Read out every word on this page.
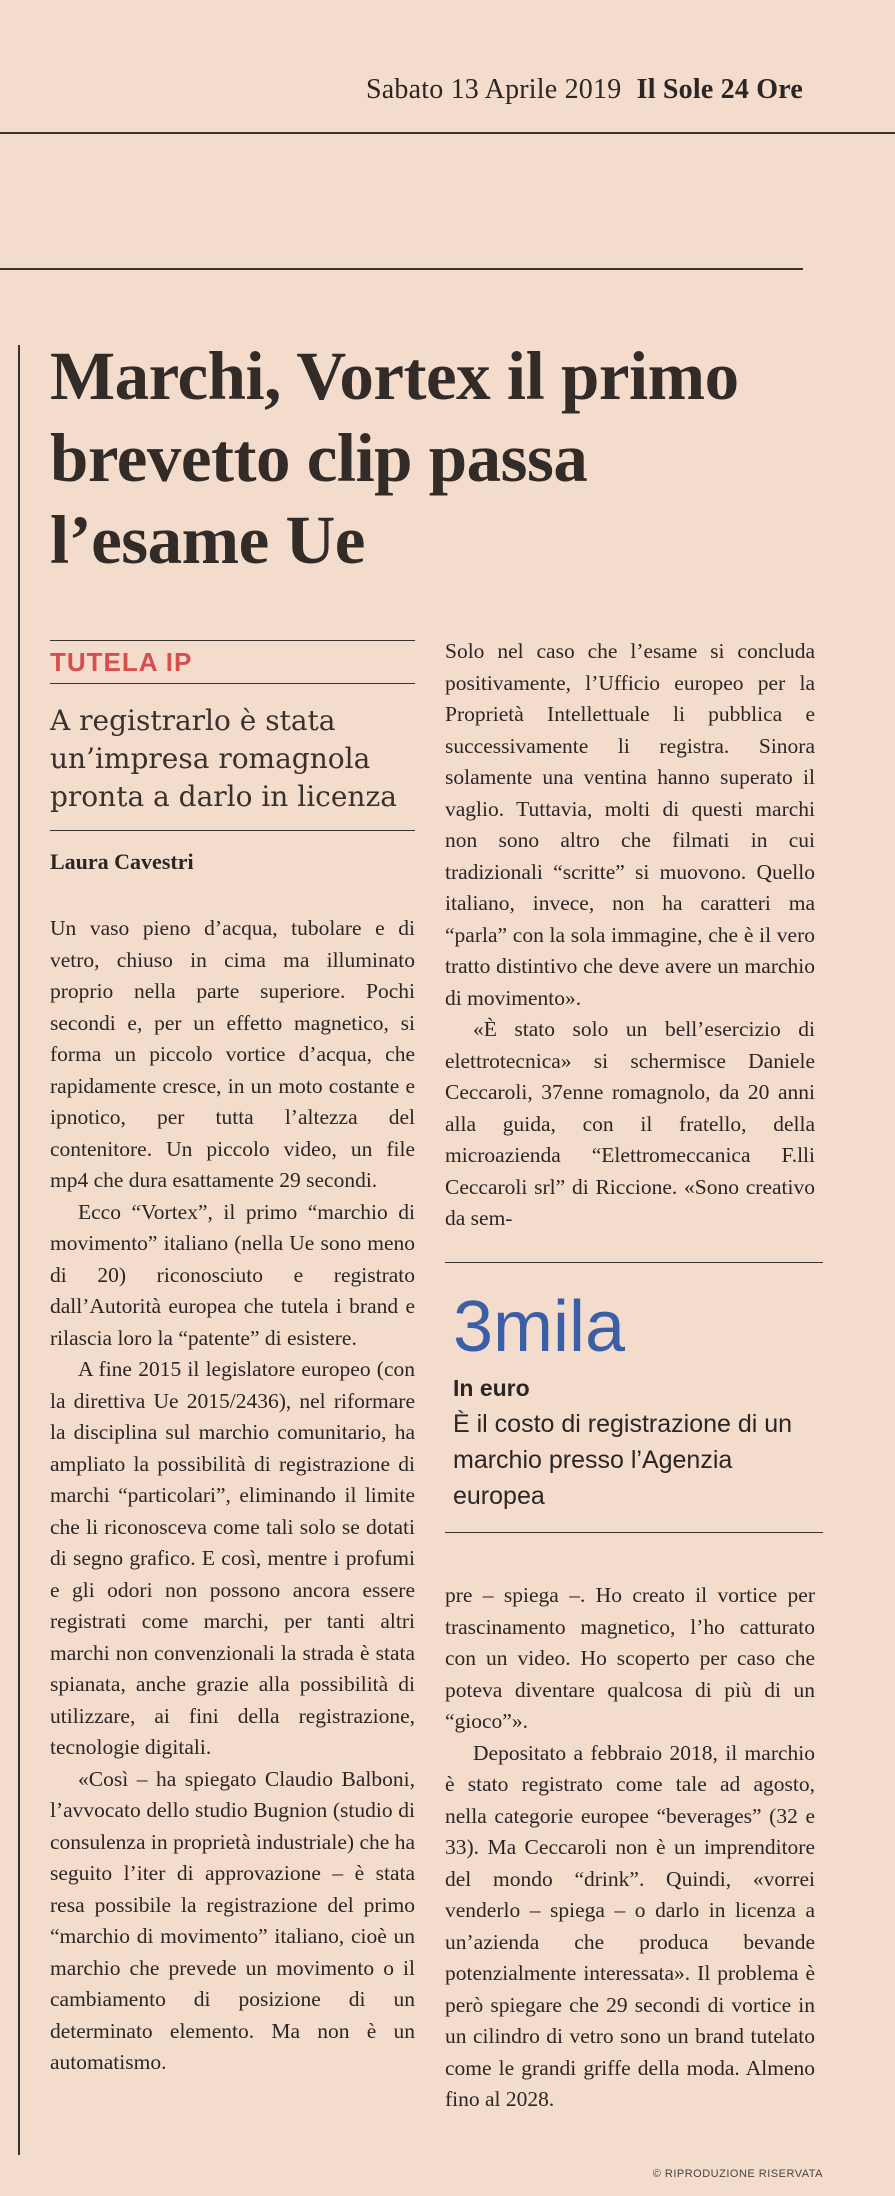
Sabato 13 Aprile 2019 Il Sole 24 Ore
Marchi, Vortex il primo brevetto clip passa l’esame Ue
TUTELA IP
A registrarlo è stata un’impresa romagnola pronta a darlo in licenza
Laura Cavestri

Un vaso pieno d’acqua, tubolare e di vetro, chiuso in cima ma illuminato proprio nella parte superiore. Pochi secondi e, per un effetto magnetico, si forma un piccolo vortice d’acqua, che rapidamente cresce, in un moto costante e ipnotico, per tutta l’altezza del contenitore. Un piccolo video, un file mp4 che dura esattamente 29 secondi.

Ecco “Vortex”, il primo “marchio di movimento” italiano (nella Ue sono meno di 20) riconosciuto e registrato dall’Autorità europea che tutela i brand e rilascia loro la “patente” di esistere.

A fine 2015 il legislatore europeo (con la direttiva Ue 2015/2436), nel riformare la disciplina sul marchio comunitario, ha ampliato la possibilità di registrazione di marchi “particolari”, eliminando il limite che li riconosceva come tali solo se dotati di segno grafico. E così, mentre i profumi e gli odori non possono ancora essere registrati come marchi, per tanti altri marchi non convenzionali la strada è stata spianata, anche grazie alla possibilità di utilizzare, ai fini della registrazione, tecnologie digitali.

«Così – ha spiegato Claudio Balboni, l’avvocato dello studio Bugnion (studio di consulenza in proprietà industriale) che ha seguito l’iter di approvazione – è stata resa possibile la registrazione del primo “marchio di movimento” italiano, cioè un marchio che prevede un movimento o il cambiamento di posizione di un determinato elemento. Ma non è un automatismo.

Solo nel caso che l’esame si concluda positivamente, l’Ufficio europeo per la Proprietà Intellettuale li pubblica e successivamente li registra. Sinora solamente una ventina hanno superato il vaglio. Tuttavia, molti di questi marchi non sono altro che filmati in cui tradizionali “scritte” si muovono. Quello italiano, invece, non ha caratteri ma “parla” con la sola immagine, che è il vero tratto distintivo che deve avere un marchio di movimento».

«È stato solo un bell’esercizio di elettrotecnica» si schermisce Daniele Ceccaroli, 37enne romagnolo, da 20 anni alla guida, con il fratello, della microazienda “Elettromeccanica F.lli Ceccaroli srl” di Riccione. «Sono creativo da sem-

3mila
In euro
È il costo di registrazione di un marchio presso l’Agenzia europea

pre – spiega –. Ho creato il vortice per trascinamento magnetico, l’ho catturato con un video. Ho scoperto per caso che poteva diventare qualcosa di più di un “gioco”».

Depositato a febbraio 2018, il marchio è stato registrato come tale ad agosto, nella categorie europee “beverages” (32 e 33). Ma Ceccaroli non è un imprenditore del mondo “drink”. Quindi, «vorrei venderlo – spiega – o darlo in licenza a un’azienda che produca bevande potenzialmente interessata». Il problema è però spiegare che 29 secondi di vortice in un cilindro di vetro sono un brand tutelato come le grandi griffe della moda. Almeno fino al 2028.

© RIPRODUZIONE RISERVATA
